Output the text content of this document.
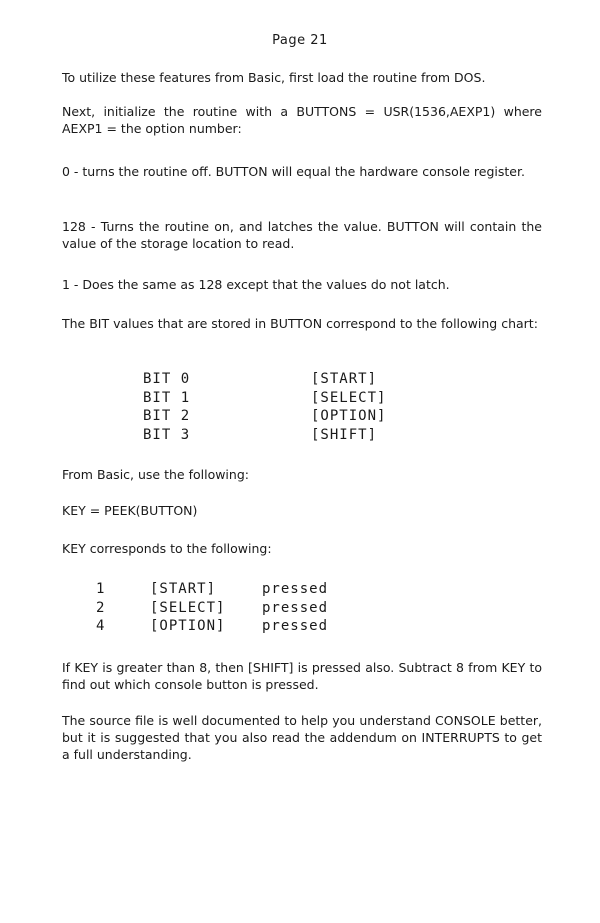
Page 21

To utilize these features from Basic, first load the routine from DOS.

Next, initialize the routine with a BUTTONS = USR(1536,AEXP1) where AEXP1 = the option number:

0 - turns the routine off. BUTTON will equal the hardware console register.

128 - Turns the routine on, and latches the value. BUTTON will contain the value of the storage location to read.

1 - Does the same as 128 except that the values do not latch.

The BIT values that are stored in BUTTON correspond to the following chart:

BIT 0	[START]
BIT 1	[SELECT]
BIT 2	[OPTION]
BIT 3	[SHIFT]

From Basic, use the following:

KEY = PEEK(BUTTON)

KEY corresponds to the following:

1	[START]	pressed
2	[SELECT]	pressed
4	[OPTION]	pressed

If KEY is greater than 8, then [SHIFT] is pressed also. Subtract 8 from KEY to find out which console button is pressed.

The source file is well documented to help you understand CONSOLE better, but it is suggested that you also read the addendum on INTERRUPTS to get a full understanding.
